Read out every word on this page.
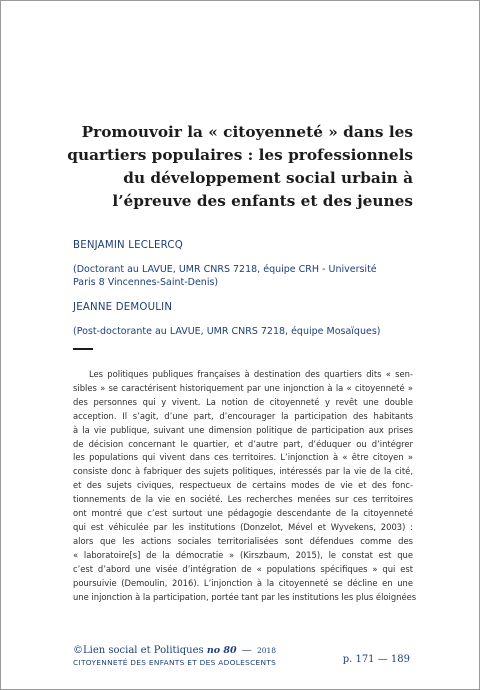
Promouvoir la « citoyenneté » dans les
quartiers populaires : les professionnels
du développement social urbain à
l’épreuve des enfants et des jeunes
BENJAMIN LECLERCQ
(Doctorant au LAVUE, UMR CNRS 7218, équipe CRH - Université
Paris 8 Vincennes-Saint-Denis)
JEANNE DEMOULIN
(Post-doctorante au LAVUE, UMR CNRS 7218, équipe Mosaïques)
Les politiques publiques françaises à destination des quartiers dits « sen-
sibles » se caractérisent historiquement par une injonction à la « citoyenneté »
des personnes qui y vivent. La notion de citoyenneté y revêt une double
acception. Il s’agit, d’une part, d’encourager la participation des habitants
à la vie publique, suivant une dimension politique de participation aux prises
de décision concernant le quartier, et d’autre part, d’éduquer ou d’intégrer
les populations qui vivent dans ces territoires. L’injonction à « être citoyen »
consiste donc à fabriquer des sujets politiques, intéressés par la vie de la cité,
et des sujets civiques, respectueux de certains modes de vie et des fonc-
tionnements de la vie en société. Les recherches menées sur ces territoires
ont montré que c’est surtout une pédagogie descendante de la citoyenneté
qui est véhiculée par les institutions (Donzelot, Mével et Wyvekens, 2003) :
alors que les actions sociales territorialisées sont défendues comme des
« laboratoire[s] de la démocratie » (Kirszbaum, 2015), le constat est que
c’est d’abord une visée d’intégration de « populations spécifiques » qui est
poursuivie (Demoulin, 2016). L’injonction à la citoyenneté se décline en une
une injonction à la participation, portée tant par les institutions les plus éloignées
©Lien social et Politiques no 80 — 2018
CITOYENNETÉ DES ENFANTS ET DES ADOLESCENTS	p. 171 — 189
